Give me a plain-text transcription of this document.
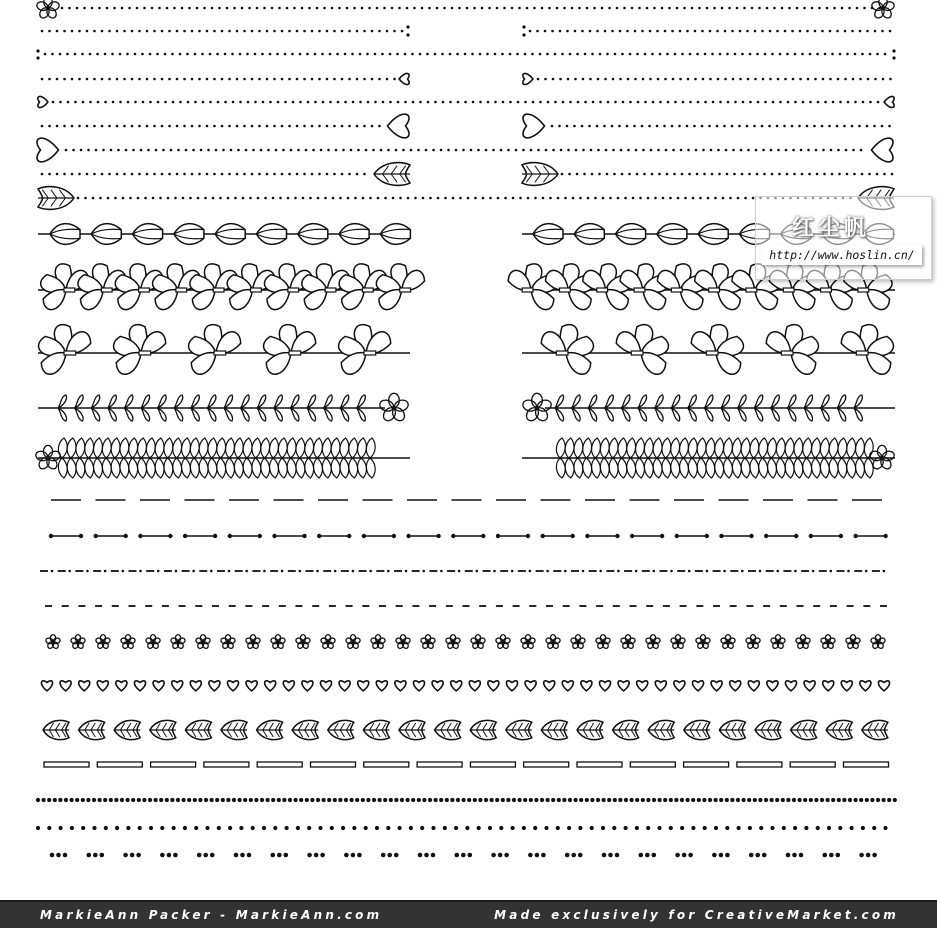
红尘帆
http://www.hoslin.cn/
MarkieAnn Packer - MarkieAnn.com	Made exclusively for CreativeMarket.com
